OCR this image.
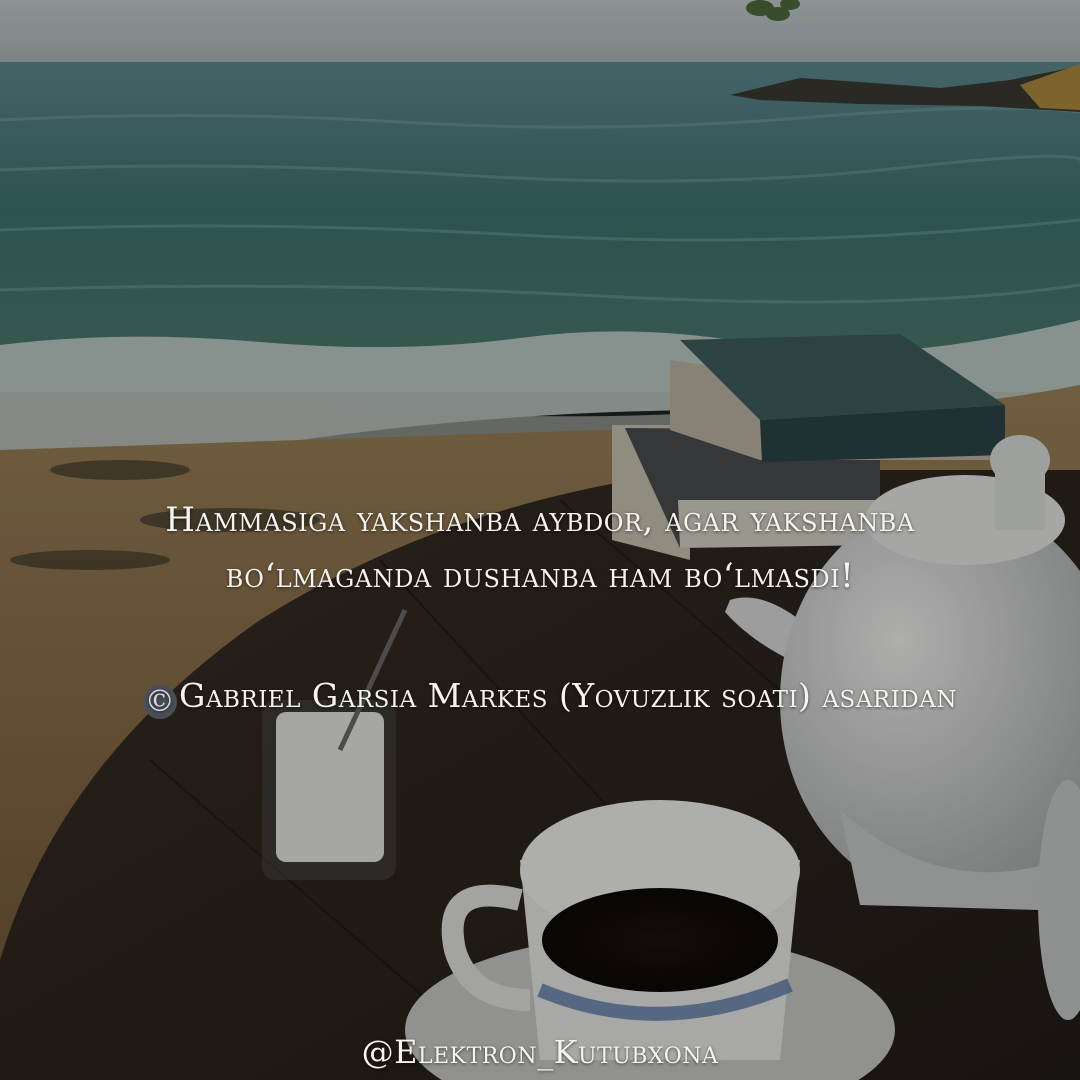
Hammasiga yakshanba aybdor, agar yakshanba
bo‘lmaganda dushanba ham bo‘lmasdi!
© Gabriel Garsia Markes (Yovuzlik soati) asaridan
@Elektron_Kutubxona
